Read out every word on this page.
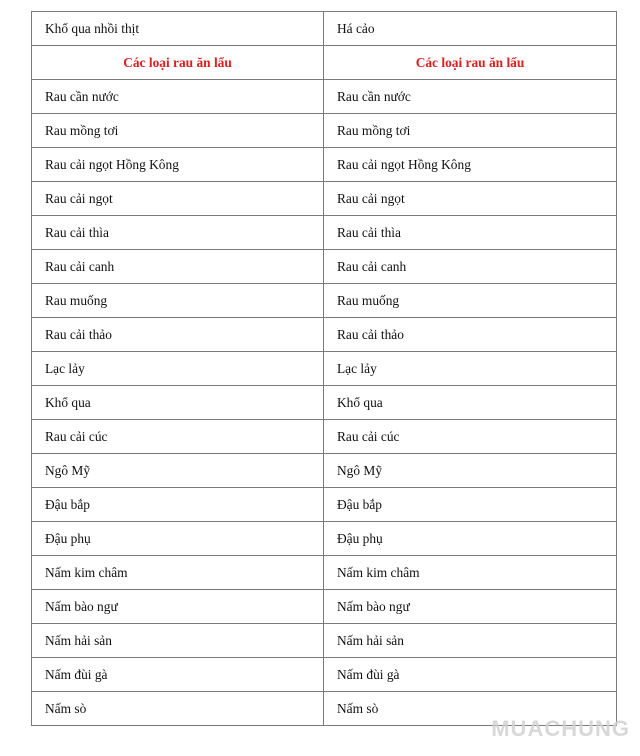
Khổ qua nhồi thịt	Há cảo
Các loại rau ăn lẩu	Các loại rau ăn lẩu
Rau cần nước	Rau cần nước
Rau mồng tơi	Rau mồng tơi
Rau cải ngọt Hồng Kông	Rau cải ngọt Hồng Kông
Rau cải ngọt	Rau cải ngọt
Rau cải thìa	Rau cải thìa
Rau cải canh	Rau cải canh
Rau muống	Rau muống
Rau cải thảo	Rau cải thảo
Lạc lảy	Lạc lảy
Khổ qua	Khổ qua
Rau cải cúc	Rau cải cúc
Ngô Mỹ	Ngô Mỹ
Đậu bắp	Đậu bắp
Đậu phụ	Đậu phụ
Nấm kim châm	Nấm kim châm
Nấm bào ngư	Nấm bào ngư
Nấm hải sản	Nấm hải sản
Nấm đùi gà	Nấm đùi gà
Nấm sò	Nấm sò
MUACHUNG
